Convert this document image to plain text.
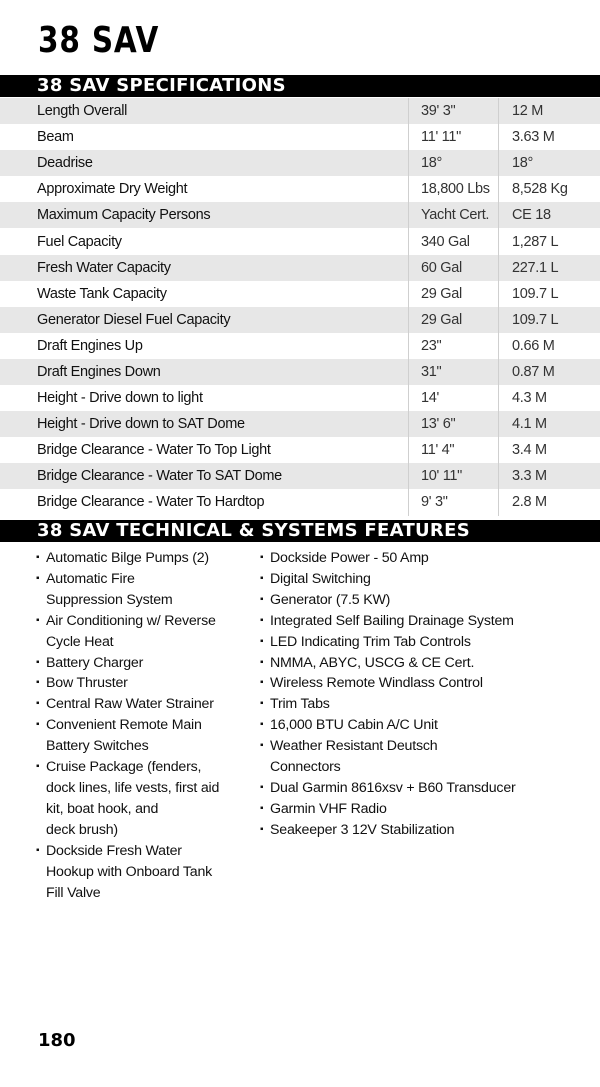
38 SAV
38 SAV SPECIFICATIONS
Length Overall	39' 3"	12 M
Beam	11' 11"	3.63 M
Deadrise	18°	18°
Approximate Dry Weight	18,800 Lbs	8,528 Kg
Maximum Capacity Persons	Yacht Cert.	CE 18
Fuel Capacity	340 Gal	1,287 L
Fresh Water Capacity	60 Gal	227.1 L
Waste Tank Capacity	29 Gal	109.7 L
Generator Diesel Fuel Capacity	29 Gal	109.7 L
Draft Engines Up	23"	0.66 M
Draft Engines Down	31"	0.87 M
Height - Drive down to light	14'	4.3 M
Height - Drive down to SAT Dome	13' 6"	4.1 M
Bridge Clearance - Water To Top Light	11' 4"	3.4 M
Bridge Clearance - Water To SAT Dome	10' 11"	3.3 M
Bridge Clearance - Water To Hardtop	9' 3"	2.8 M
38 SAV TECHNICAL & SYSTEMS FEATURES
▪ Automatic Bilge Pumps (2)
▪ Automatic Fire
Suppression System
▪ Air Conditioning w/ Reverse
Cycle Heat
▪ Battery Charger
▪ Bow Thruster
▪ Central Raw Water Strainer
▪ Convenient Remote Main
Battery Switches
▪ Cruise Package (fenders,
dock lines, life vests, first aid
kit, boat hook, and
deck brush)
▪ Dockside Fresh Water
Hookup with Onboard Tank
Fill Valve
▪ Dockside Power - 50 Amp
▪ Digital Switching
▪ Generator (7.5 KW)
▪ Integrated Self Bailing Drainage System
▪ LED Indicating Trim Tab Controls
▪ NMMA, ABYC, USCG & CE Cert.
▪ Wireless Remote Windlass Control
▪ Trim Tabs
▪ 16,000 BTU Cabin A/C Unit
▪ Weather Resistant Deutsch
Connectors
▪ Dual Garmin 8616xsv + B60 Transducer
▪ Garmin VHF Radio
▪ Seakeeper 3 12V Stabilization
180
